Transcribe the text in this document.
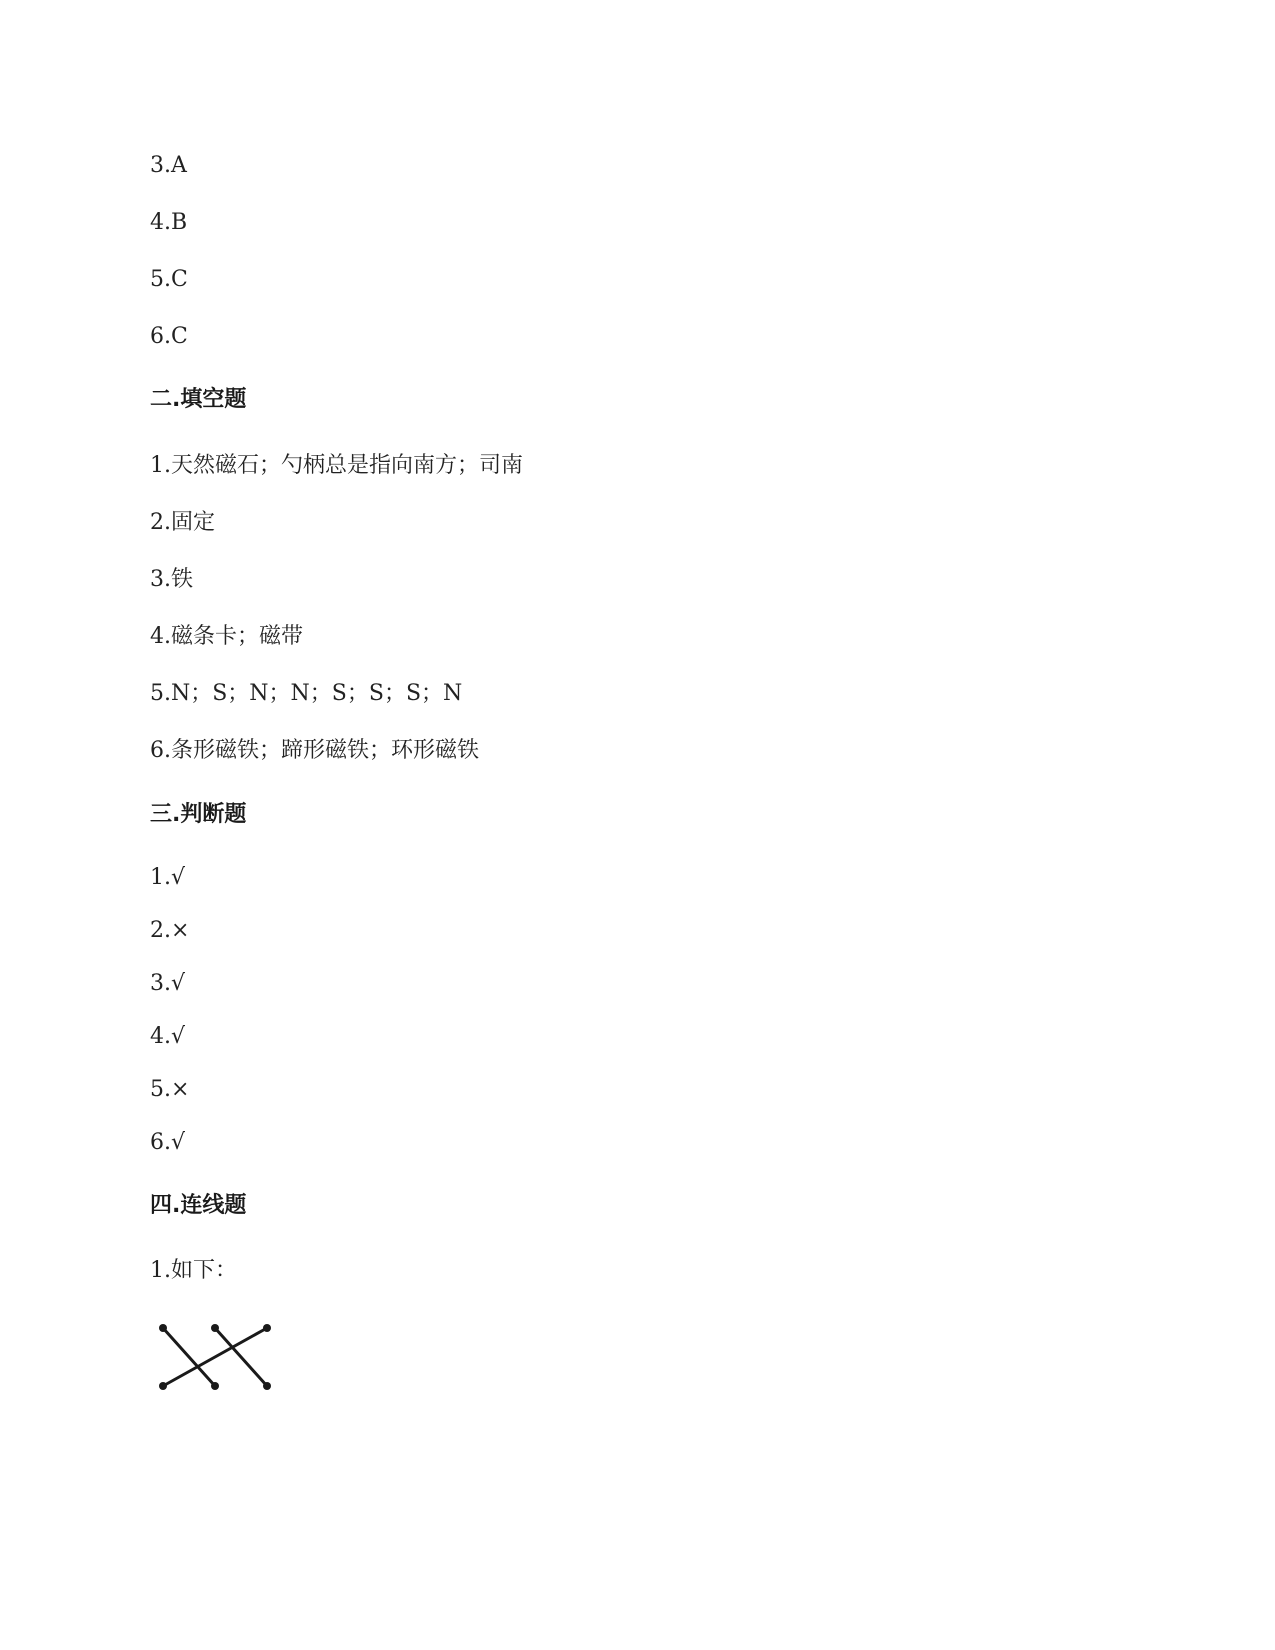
3.A
4.B
5.C
6.C
二.填空题
1.天然磁石；勺柄总是指向南方；司南
2.固定
3.铁
4.磁条卡；磁带
5.N；S；N；N；S；S；S；N
6.条形磁铁；蹄形磁铁；环形磁铁
三.判断题
1.√
2.×
3.√
4.√
5.×
6.√
四.连线题
1.如下：
